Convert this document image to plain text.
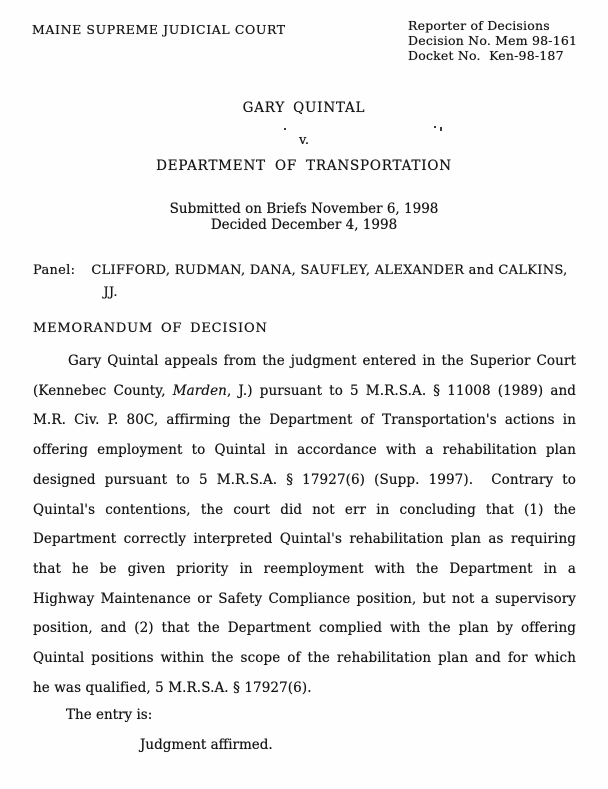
MAINE SUPREME JUDICIAL COURT	Reporter of Decisions
Decision No. Mem 98-161
Docket No.  Ken-98-187
GARY QUINTAL
v.
DEPARTMENT OF TRANSPORTATION
Submitted on Briefs November 6, 1998
Decided December 4, 1998
Panel: CLIFFORD, RUDMAN, DANA, SAUFLEY, ALEXANDER and CALKINS,
JJ.
MEMORANDUM OF DECISION
Gary Quintal appeals from the judgment entered in the Superior Court
(Kennebec County, Marden, J.) pursuant to 5 M.R.S.A. § 11008 (1989) and
M.R. Civ. P. 80C, affirming the Department of Transportation's actions in
offering employment to Quintal in accordance with a rehabilitation plan
designed pursuant to 5 M.R.S.A. § 17927(6) (Supp. 1997).  Contrary to
Quintal's contentions, the court did not err in concluding that (1) the
Department correctly interpreted Quintal's rehabilitation plan as requiring
that he be given priority in reemployment with the Department in a
Highway Maintenance or Safety Compliance position, but not a supervisory
position, and (2) that the Department complied with the plan by offering
Quintal positions within the scope of the rehabilitation plan and for which
he was qualified, 5 M.R.S.A. § 17927(6).
The entry is:
Judgment affirmed.
